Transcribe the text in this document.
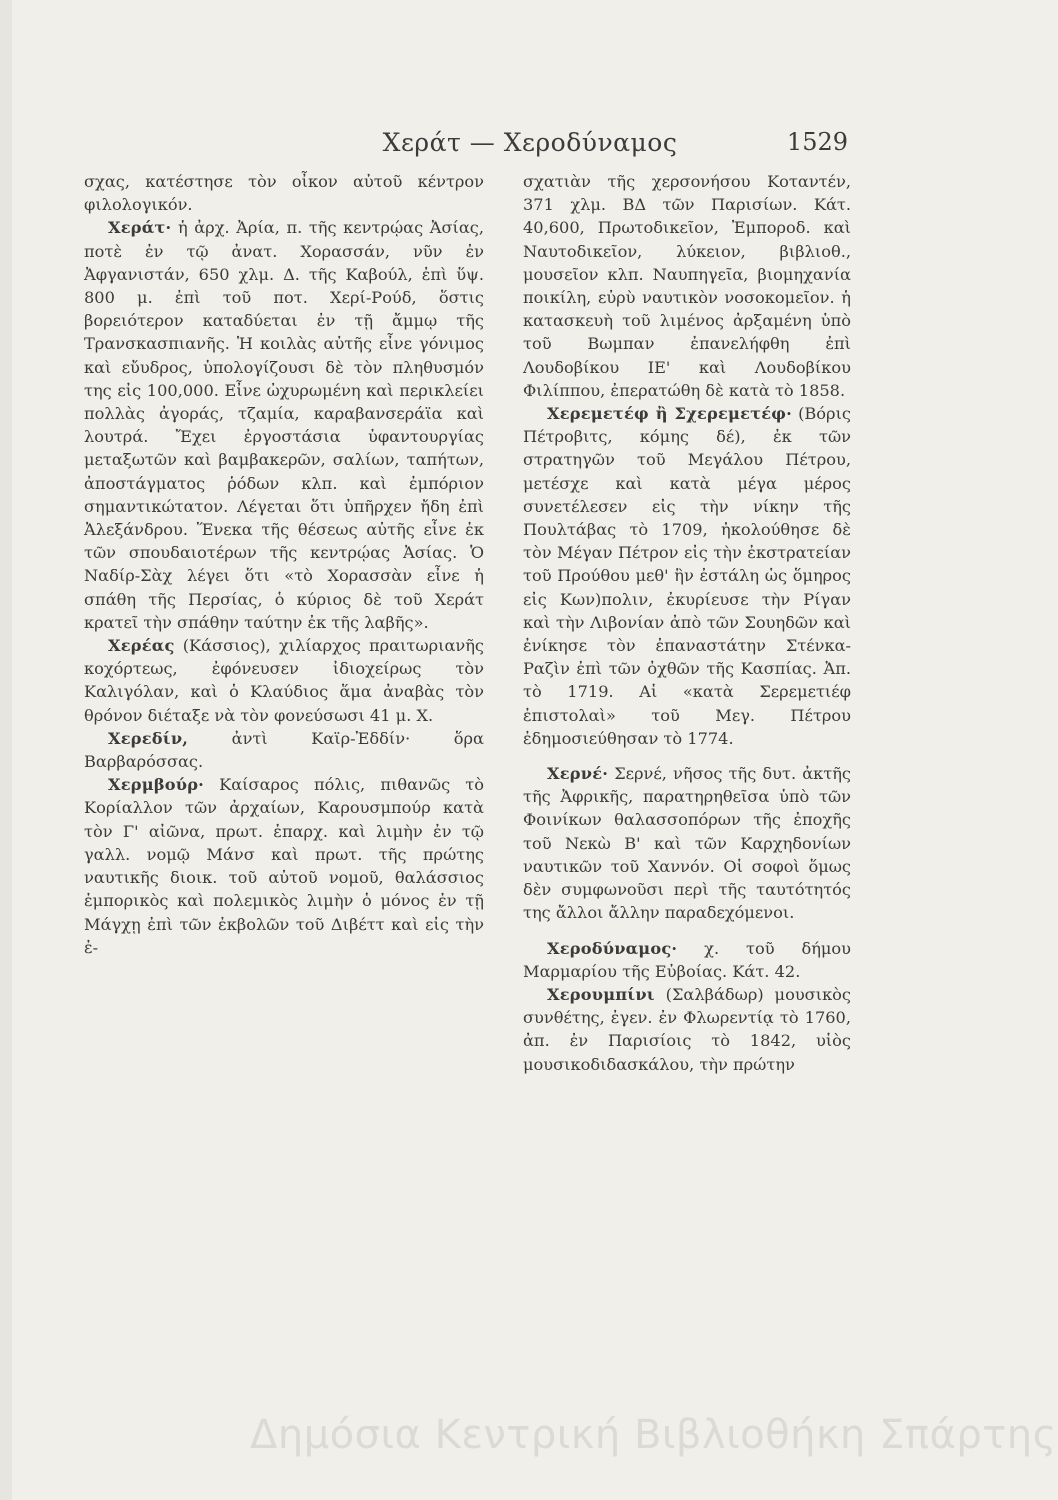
Χεράτ — Χεροδύναμος	1529

σχας, κατέστησε τὸν οἶκον αὐτοῦ κέντρον φιλολογικόν.

Χεράτ· ἡ ἀρχ. Ἀρία, π. τῆς κεντρῴας Ἀσίας, ποτὲ ἐν τῷ ἀνατ. Χορασσάν, νῦν ἐν Ἀφγανιστάν, 650 χλμ. Δ. τῆς Καβούλ, ἐπὶ ὕψ. 800 μ. ἐπὶ τοῦ ποτ. Χερί-Ρούδ, ὅστις βορειότερον καταδύεται ἐν τῇ ἄμμῳ τῆς Τρανσκασπιανῆς. Ἡ κοιλὰς αὐτῆς εἶνε γόνιμος καὶ εὔυδρος, ὑπολογίζουσι δὲ τὸν πληθυσμόν της εἰς 100,000. Εἶνε ὠχυρωμένη καὶ περικλείει πολλὰς ἀγοράς, τζαμία, καραβανσεράϊα καὶ λουτρά. Ἔχει ἐργοστάσια ὑφαντουργίας μεταξωτῶν καὶ βαμβακερῶν, σαλίων, ταπήτων, ἀποστάγματος ῥόδων κλπ. καὶ ἐμπόριον σημαντικώτατον. Λέγεται ὅτι ὑπῆρχεν ἤδη ἐπὶ Ἀλεξάνδρου. Ἕνεκα τῆς θέσεως αὐτῆς εἶνε ἐκ τῶν σπουδαιοτέρων τῆς κεντρῴας Ἀσίας. Ὁ Ναδίρ-Σὰχ λέγει ὅτι «τὸ Χορασσὰν εἶνε ἡ σπάθη τῆς Περσίας, ὁ κύριος δὲ τοῦ Χεράτ κρατεῖ τὴν σπάθην ταύτην ἐκ τῆς λαβῆς».

Χερέας (Κάσσιος), χιλίαρχος πραιτωριανῆς κοχόρτεως, ἐφόνευσεν ἰδιοχείρως τὸν Καλιγόλαν, καὶ ὁ Κλαύδιος ἅμα ἀναβὰς τὸν θρόνον διέταξε νὰ τὸν φονεύσωσι 41 μ. Χ.

Χερεδίν, ἀντὶ Καϊρ-Ἐδδίν· ὅρα Βαρβαρόσσας.

Χερμβούρ· Καίσαρος πόλις, πιθανῶς τὸ Κορίαλλον τῶν ἀρχαίων, Καρουσμπούρ κατὰ τὸν Γ' αἰῶνα, πρωτ. ἐπαρχ. καὶ λιμὴν ἐν τῷ γαλλ. νομῷ Μάνσ καὶ πρωτ. τῆς πρώτης ναυτικῆς διοικ. τοῦ αὐτοῦ νομοῦ, θαλάσσιος ἐμπορικὸς καὶ πολεμικὸς λιμὴν ὁ μόνος ἐν τῇ Μάγχῃ ἐπὶ τῶν ἐκβολῶν τοῦ Διβέττ καὶ εἰς τὴν ἐ-

σχατιὰν τῆς χερσονήσου Κοταντέν, 371 χλμ. ΒΔ τῶν Παρισίων. Κάτ. 40,600, Πρωτοδικεῖον, Ἐμποροδ. καὶ Ναυτοδικεῖον, λύκειον, βιβλιοθ., μουσεῖον κλπ. Ναυπηγεῖα, βιομηχανία ποικίλη, εὐρὺ ναυτικὸν νοσοκομεῖον. ἡ κατασκευὴ τοῦ λιμένος ἀρξαμένη ὑπὸ τοῦ Βωμπαν ἐπανελήφθη ἐπὶ Λουδοβίκου ΙΕ' καὶ Λουδοβίκου Φιλίππου, ἐπερατώθη δὲ κατὰ τὸ 1858.

Χερεμετέφ ἢ Σχερεμετέφ· (Βόρις Πέτροβιτς, κόμης δέ), ἐκ τῶν στρατηγῶν τοῦ Μεγάλου Πέτρου, μετέσχε καὶ κατὰ μέγα μέρος συνετέλεσεν εἰς τὴν νίκην τῆς Πουλτάβας τὸ 1709, ἠκολούθησε δὲ τὸν Μέγαν Πέτρον εἰς τὴν ἐκστρατείαν τοῦ Προύθου μεθ' ἣν ἐστάλη ὡς ὅμηρος εἰς Κων)πολιν, ἐκυρίευσε τὴν Ρίγαν καὶ τὴν Λιβονίαν ἀπὸ τῶν Σουηδῶν καὶ ἐνίκησε τὸν ἐπαναστάτην Στένκα-Ραζὶν ἐπὶ τῶν ὀχθῶν τῆς Κασπίας. Ἀπ. τὸ 1719. Αἱ «κατὰ Σερεμετιέφ ἐπιστολαὶ» τοῦ Μεγ. Πέτρου ἐδημοσιεύθησαν τὸ 1774.

Χερνέ· Σερνέ, νῆσος τῆς δυτ. ἀκτῆς τῆς Ἀφρικῆς, παρατηρηθεῖσα ὑπὸ τῶν Φοινίκων θαλασσοπόρων τῆς ἐποχῆς τοῦ Νεκὼ Β' καὶ τῶν Καρχηδονίων ναυτικῶν τοῦ Χαννόν. Οἱ σοφοὶ ὅμως δὲν συμφωνοῦσι περὶ τῆς ταυτότητός της ἄλλοι ἄλλην παραδεχόμενοι.

Χεροδύναμος· χ. τοῦ δήμου Μαρμαρίου τῆς Εὐβοίας. Κάτ. 42.

Χερουμπίνι (Σαλβάδωρ) μουσικὸς συνθέτης, ἐγεν. ἐν Φλωρεντίᾳ τὸ 1760, ἀπ. ἐν Παρισίοις τὸ 1842, υἱὸς μουσικοδιδασκάλου, τὴν πρώτην

Δημόσια Κεντρική Βιβλιοθήκη Σπάρτης
